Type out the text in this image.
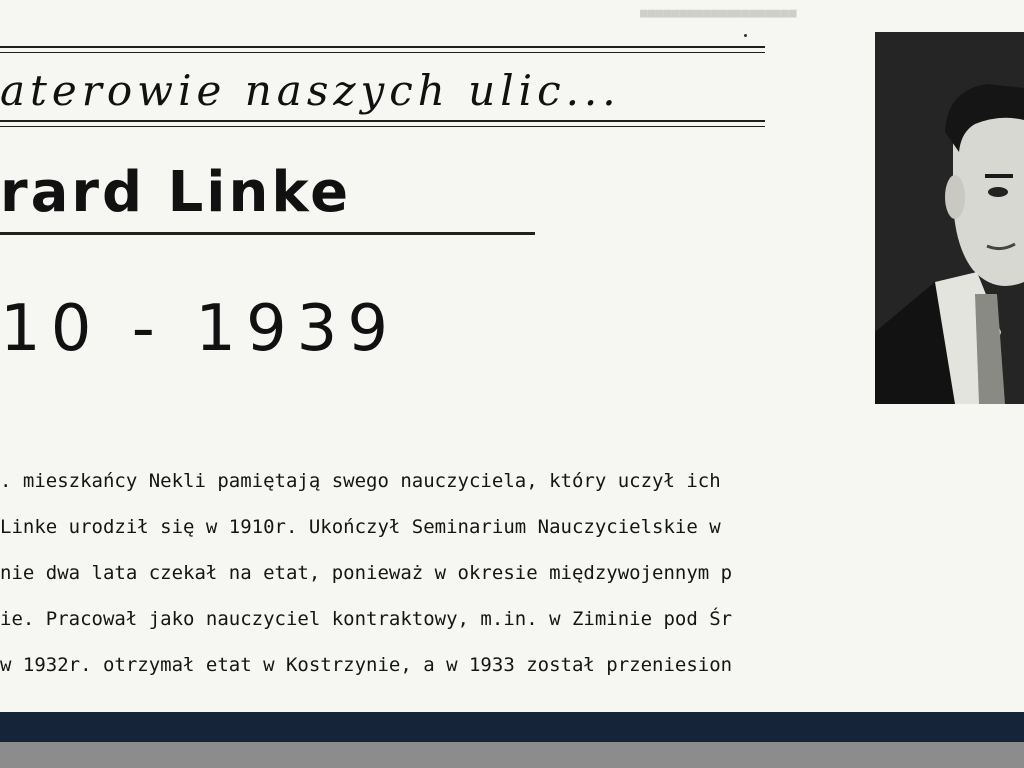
■■■■■■■■■■■■■■■■■■■■
aterowie naszych ulic...
rard Linke
10 - 1939
. mieszkańcy Nekli pamiętają swego nauczyciela, który uczył ich
Linke urodził się w 1910r. Ukończył Seminarium Nauczycielskie w
nie dwa lata czekał na etat, ponieważ w okresie międzywojennym p
ie. Pracował jako nauczyciel kontraktowy, m.in. w Ziminie pod Śr
w 1932r. otrzymał etat w Kostrzynie, a w 1933 został przeniesion
